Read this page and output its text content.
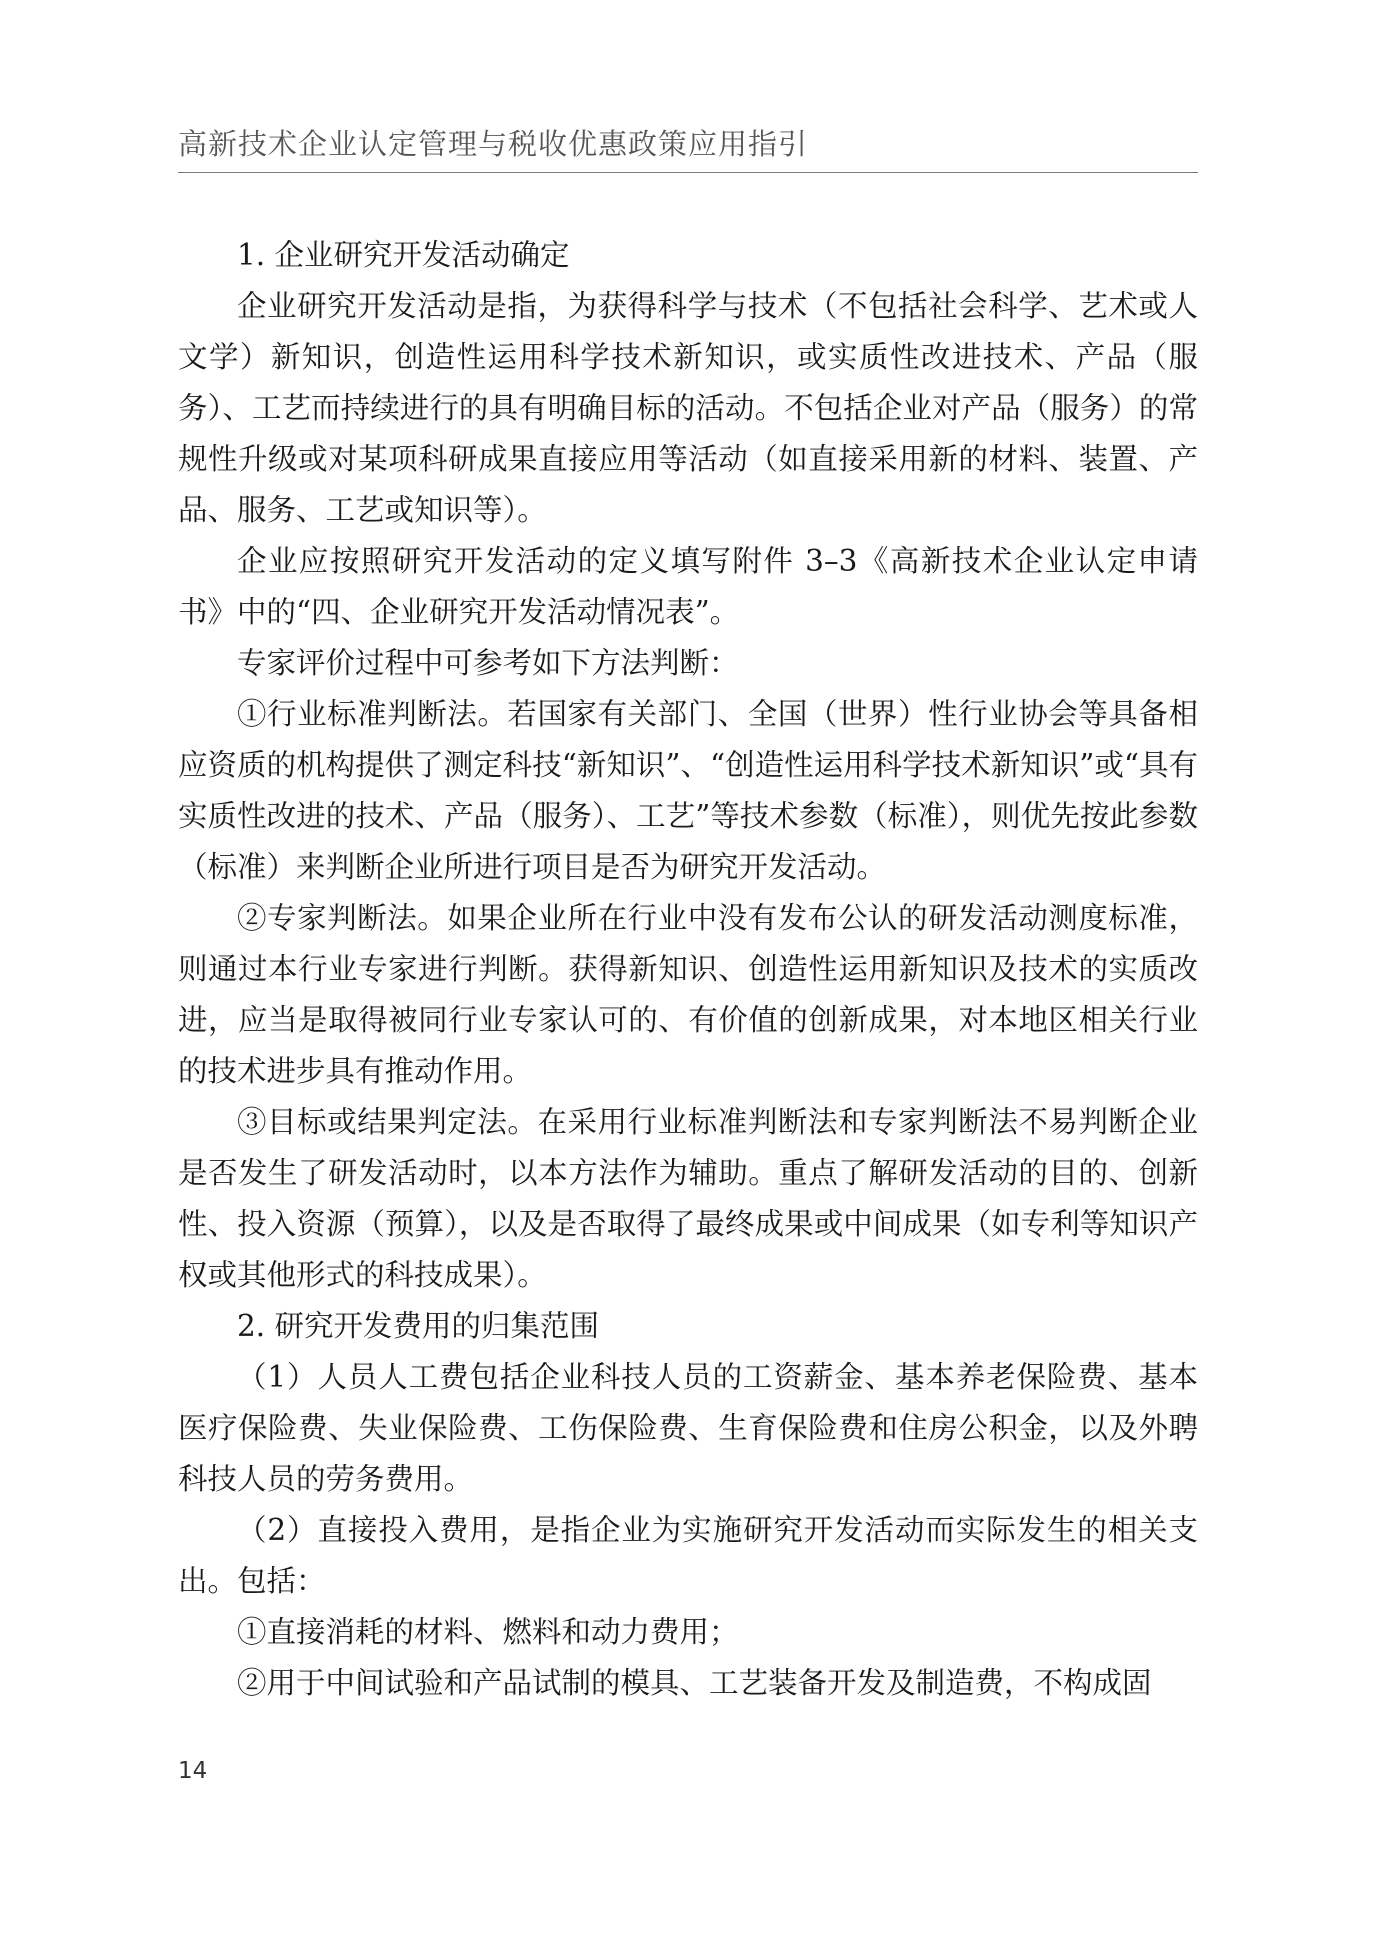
高新技术企业认定管理与税收优惠政策应用指引

1. 企业研究开发活动确定

企业研究开发活动是指，为获得科学与技术（不包括社会科学、艺术或人文学）新知识，创造性运用科学技术新知识，或实质性改进技术、产品（服务）、工艺而持续进行的具有明确目标的活动。不包括企业对产品（服务）的常规性升级或对某项科研成果直接应用等活动（如直接采用新的材料、装置、产品、服务、工艺或知识等）。

企业应按照研究开发活动的定义填写附件 3–3《高新技术企业认定申请书》中的“四、企业研究开发活动情况表”。

专家评价过程中可参考如下方法判断：

①行业标准判断法。若国家有关部门、全国（世界）性行业协会等具备相应资质的机构提供了测定科技“新知识”、“创造性运用科学技术新知识”或“具有实质性改进的技术、产品（服务）、工艺”等技术参数（标准），则优先按此参数（标准）来判断企业所进行项目是否为研究开发活动。

②专家判断法。如果企业所在行业中没有发布公认的研发活动测度标准，则通过本行业专家进行判断。获得新知识、创造性运用新知识及技术的实质改进，应当是取得被同行业专家认可的、有价值的创新成果，对本地区相关行业的技术进步具有推动作用。

③目标或结果判定法。在采用行业标准判断法和专家判断法不易判断企业是否发生了研发活动时，以本方法作为辅助。重点了解研发活动的目的、创新性、投入资源（预算），以及是否取得了最终成果或中间成果（如专利等知识产权或其他形式的科技成果）。

2. 研究开发费用的归集范围

（1）人员人工费包括企业科技人员的工资薪金、基本养老保险费、基本医疗保险费、失业保险费、工伤保险费、生育保险费和住房公积金，以及外聘科技人员的劳务费用。

（2）直接投入费用，是指企业为实施研究开发活动而实际发生的相关支出。包括：

①直接消耗的材料、燃料和动力费用；

②用于中间试验和产品试制的模具、工艺装备开发及制造费，不构成固

14
